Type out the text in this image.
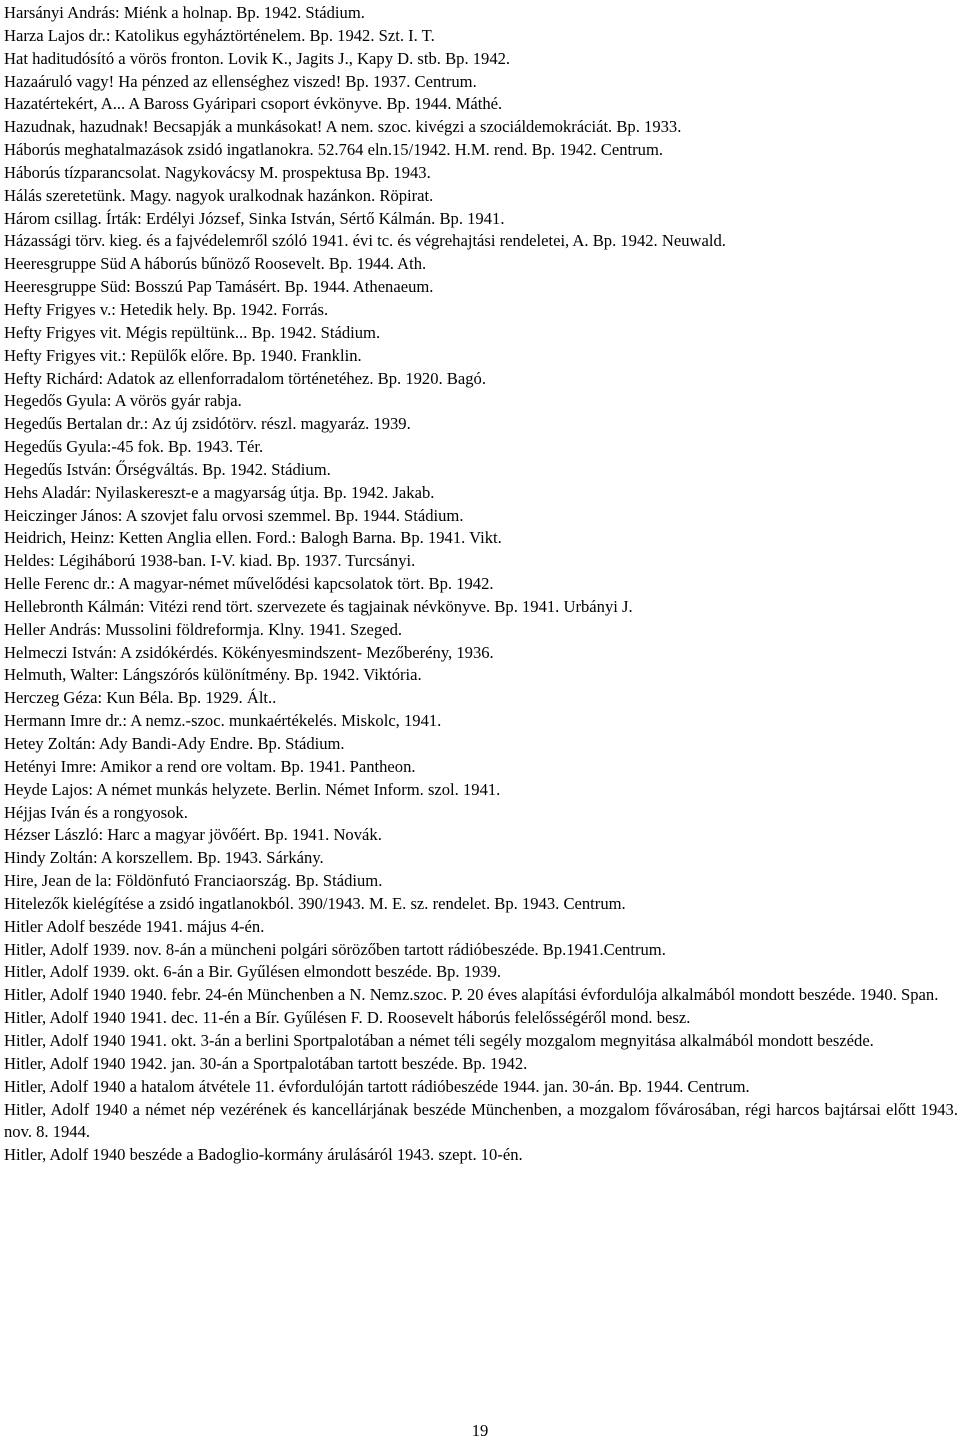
Harsányi András: Miénk a holnap. Bp. 1942. Stádium.

Harza Lajos dr.: Katolikus egyháztörténelem. Bp. 1942. Szt. I. T.

Hat haditudósító a vörös fronton. Lovik K., Jagits J., Kapy D. stb. Bp. 1942.

Hazaáruló vagy! Ha pénzed az ellenséghez viszed! Bp. 1937. Centrum.

Hazatértekért, A... A Baross Gyáripari csoport évkönyve. Bp. 1944. Máthé.

Hazudnak, hazudnak! Becsapják a munkásokat! A nem. szoc. kivégzi a szociáldemokráciát. Bp. 1933.

Háborús meghatalmazások zsidó ingatlanokra. 52.764 eln.15/1942. H.M. rend. Bp. 1942. Centrum.

Háborús tízparancsolat. Nagykovácsy M. prospektusa Bp. 1943.

Hálás szeretetünk. Magy. nagyok uralkodnak hazánkon. Röpirat.

Három csillag. Írták: Erdélyi József, Sinka István, Sértő Kálmán. Bp. 1941.

Házassági törv. kieg. és a fajvédelemről szóló 1941. évi tc. és végrehajtási rendeletei, A. Bp. 1942. Neuwald.

Heeresgruppe Süd A háborús bűnöző Roosevelt. Bp. 1944. Ath.

Heeresgruppe Süd: Bosszú Pap Tamásért. Bp. 1944. Athenaeum.

Hefty Frigyes v.: Hetedik hely. Bp. 1942. Forrás.

Hefty Frigyes vit. Mégis repültünk... Bp. 1942. Stádium.

Hefty Frigyes vit.: Repülők előre. Bp. 1940. Franklin.

Hefty Richárd: Adatok az ellenforradalom történetéhez. Bp. 1920. Bagó.

Hegedős Gyula: A vörös gyár rabja.

Hegedűs Bertalan dr.: Az új zsidótörv. részl. magyaráz. 1939.

Hegedűs Gyula:-45 fok. Bp. 1943. Tér.

Hegedűs István: Őrségváltás. Bp. 1942. Stádium.

Hehs Aladár: Nyilaskereszt-e a magyarság útja. Bp. 1942. Jakab.

Heiczinger János: A szovjet falu orvosi szemmel. Bp. 1944. Stádium.

Heidrich, Heinz: Ketten Anglia ellen. Ford.: Balogh Barna. Bp. 1941. Vikt.

Heldes: Légiháború 1938-ban. I-V. kiad. Bp. 1937. Turcsányi.

Helle Ferenc dr.: A magyar-német művelődési kapcsolatok tört. Bp. 1942.

Hellebronth Kálmán: Vitézi rend tört. szervezete és tagjainak névkönyve. Bp. 1941. Urbányi J.

Heller András: Mussolini földreformja. Klny. 1941. Szeged.

Helmeczi István: A zsidókérdés. Kökényesmindszent- Mezőberény, 1936.

Helmuth, Walter: Lángszórós különítmény. Bp. 1942. Viktória.

Herczeg Géza: Kun Béla. Bp. 1929. Ált..

Hermann Imre dr.: A nemz.-szoc. munkaértékelés. Miskolc, 1941.

Hetey Zoltán: Ady Bandi-Ady Endre. Bp. Stádium.

Hetényi Imre: Amikor a rend ore voltam. Bp. 1941. Pantheon.

Heyde Lajos: A német munkás helyzete. Berlin. Német Inform. szol. 1941.

Héjjas Iván és a rongyosok.

Hézser László: Harc a magyar jövőért. Bp. 1941. Novák.

Hindy Zoltán: A korszellem. Bp. 1943. Sárkány.

Hire, Jean de la: Földönfutó Franciaország. Bp. Stádium.

Hitelezők kielégítése a zsidó ingatlanokból. 390/1943. M. E. sz. rendelet. Bp. 1943. Centrum.

Hitler Adolf beszéde 1941. május 4-én.

Hitler, Adolf 1939. nov. 8-án a müncheni polgári sörözőben tartott rádióbeszéde. Bp.1941.Centrum.

Hitler, Adolf 1939. okt. 6-án a Bir. Gyűlésen elmondott beszéde. Bp. 1939.

Hitler, Adolf 1940 1940. febr. 24-én Münchenben a N. Nemz.szoc. P. 20 éves alapítási évfordulója alkalmából mondott beszéde. 1940. Span.

Hitler, Adolf 1940 1941. dec. 11-én a Bír. Gyűlésen F. D. Roosevelt háborús felelősségéről mond. besz.

Hitler, Adolf 1940 1941. okt. 3-án a berlini Sportpalotában a német téli segély mozgalom megnyitása alkalmából mondott beszéde.

Hitler, Adolf 1940 1942. jan. 30-án a Sportpalotában tartott beszéde. Bp. 1942.

Hitler, Adolf 1940 a hatalom átvétele 11. évfordulóján tartott rádióbeszéde 1944. jan. 30-án. Bp. 1944. Centrum.

Hitler, Adolf 1940 a német nép vezérének és kancellárjának beszéde Münchenben, a mozgalom fővárosában, régi harcos bajtársai előtt 1943. nov. 8. 1944.

Hitler, Adolf 1940 beszéde a Badoglio-kormány árulásáról 1943. szept. 10-én.

19
